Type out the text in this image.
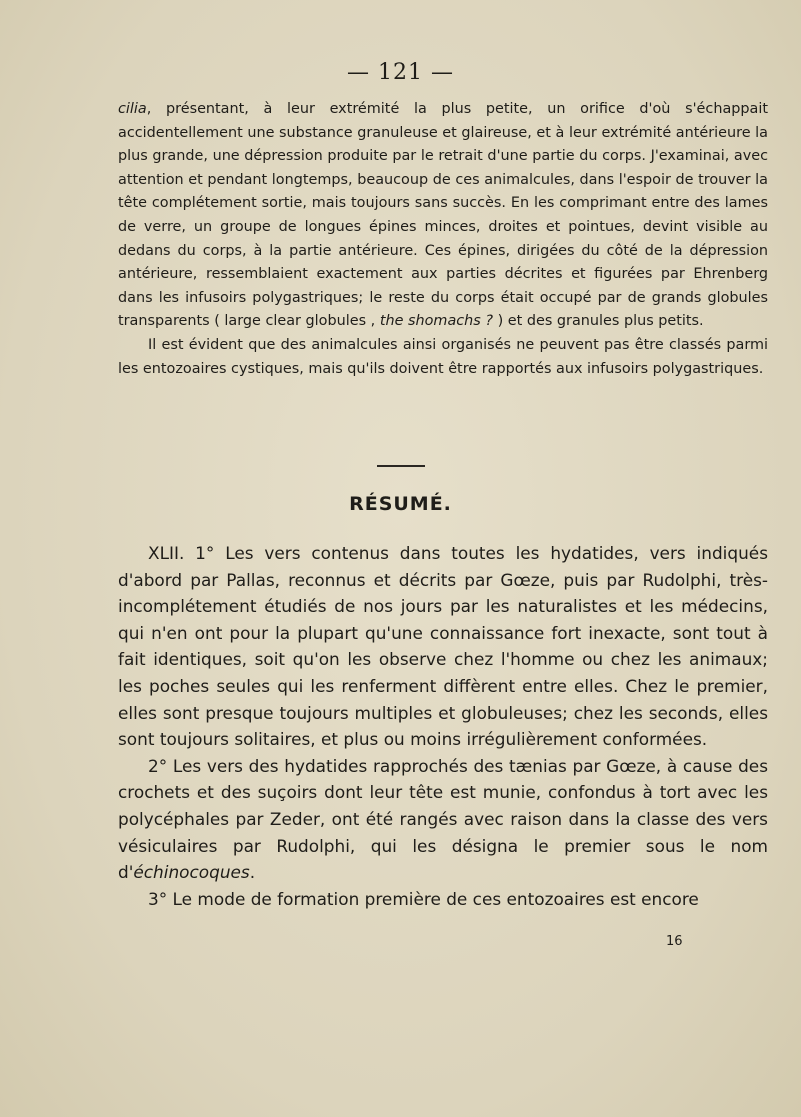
— 121 —

cilia, présentant, à leur extrémité la plus petite, un orifice d'où s'échappait accidentellement une substance granuleuse et glaireuse, et à leur extrémité antérieure la plus grande, une dépression produite par le retrait d'une partie du corps. J'examinai, avec attention et pendant longtemps, beaucoup de ces animalcules, dans l'espoir de trouver la tête complétement sortie, mais toujours sans succès. En les comprimant entre des lames de verre, un groupe de longues épines minces, droites et pointues, devint visible au dedans du corps, à la partie antérieure. Ces épines, dirigées du côté de la dépression antérieure, ressemblaient exactement aux parties décrites et figurées par Ehrenberg dans les infusoirs polygastriques; le reste du corps était occupé par de grands globules transparents ( large clear globules , the shomachs ? ) et des granules plus petits.

Il est évident que des animalcules ainsi organisés ne peuvent pas être classés parmi les entozoaires cystiques, mais qu'ils doivent être rapportés aux infusoirs polygastriques.

RÉSUMÉ.

XLII. 1° Les vers contenus dans toutes les hydatides, vers indiqués d'abord par Pallas, reconnus et décrits par Gœze, puis par Rudolphi, très-incomplétement étudiés de nos jours par les naturalistes et les médecins, qui n'en ont pour la plupart qu'une connaissance fort inexacte, sont tout à fait identiques, soit qu'on les observe chez l'homme ou chez les animaux; les poches seules qui les renferment diffèrent entre elles. Chez le premier, elles sont presque toujours multiples et globuleuses; chez les seconds, elles sont toujours solitaires, et plus ou moins irrégulièrement conformées.

2° Les vers des hydatides rapprochés des tænias par Gœze, à cause des crochets et des suçoirs dont leur tête est munie, confondus à tort avec les polycéphales par Zeder, ont été rangés avec raison dans la classe des vers vésiculaires par Rudolphi, qui les désigna le premier sous le nom d'échinocoques.

3° Le mode de formation première de ces entozoaires est encore

16
